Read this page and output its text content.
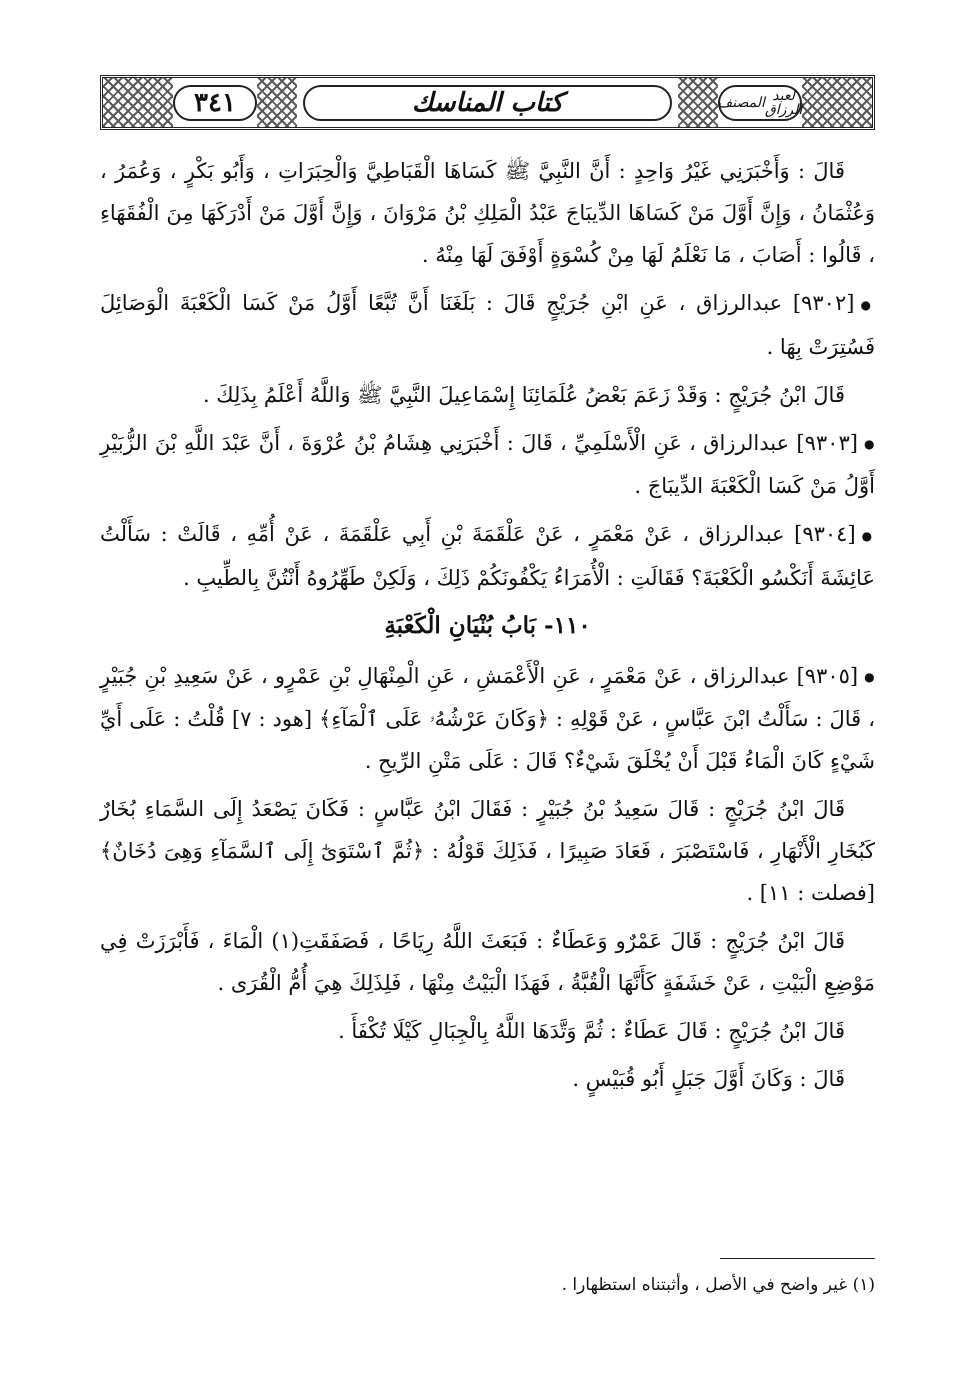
٣٤١	كتاب المناسك	المصنف لعبد الرزاق

قَالَ : وَأَخْبَرَنِي غَيْرُ وَاحِدٍ : أَنَّ النَّبِيَّ ﷺ كَسَاهَا الْقَبَاطِيَّ وَالْحِبَرَاتِ ، وَأَبُو بَكْرٍ ، وَعُمَرُ ، وَعُثْمَانُ ، وَإِنَّ أَوَّلَ مَنْ كَسَاهَا الدِّيبَاجَ عَبْدُ الْمَلِكِ بْنُ مَرْوَانَ ، وَإِنَّ أَوَّلَ مَنْ أَدْرَكَهَا مِنَ الْفُقَهَاءِ ، قَالُوا : أَصَابَ ، مَا نَعْلَمُ لَهَا مِنْ كُسْوَةٍ أَوْفَقَ لَهَا مِنْهُ .

● [٩٣٠٢] عبدالرزاق ، عَنِ ابْنِ جُرَيْجٍ قَالَ : بَلَغَنَا أَنَّ تُبَّعًا أَوَّلُ مَنْ كَسَا الْكَعْبَةَ الْوَصَائِلَ فَسُتِرَتْ بِهَا .

قَالَ ابْنُ جُرَيْجٍ : وَقَدْ زَعَمَ بَعْضُ عُلَمَائِنَا إِسْمَاعِيلَ النَّبِيَّ ﷺ وَاللَّهُ أَعْلَمُ بِذَلِكَ .

● [٩٣٠٣] عبدالرزاق ، عَنِ الْأَسْلَمِيِّ ، قَالَ : أَخْبَرَنِي هِشَامُ بْنُ عُرْوَةَ ، أَنَّ عَبْدَ اللَّهِ بْنَ الزُّبَيْرِ أَوَّلُ مَنْ كَسَا الْكَعْبَةَ الدِّيبَاجَ .

● [٩٣٠٤] عبدالرزاق ، عَنْ مَعْمَرٍ ، عَنْ عَلْقَمَةَ بْنِ أَبِي عَلْقَمَةَ ، عَنْ أُمِّهِ ، قَالَتْ : سَأَلْتُ عَائِشَةَ أَنَكْسُو الْكَعْبَةَ؟ فَقَالَتِ : الْأُمَرَاءُ يَكْفُونَكُمْ ذَلِكَ ، وَلَكِنْ طَهِّرُوهُ أَنْتُنَّ بِالطِّيبِ .

١١٠- بَابُ بُنْيَانِ الْكَعْبَةِ

● [٩٣٠٥] عبدالرزاق ، عَنْ مَعْمَرٍ ، عَنِ الْأَعْمَشِ ، عَنِ الْمِنْهَالِ بْنِ عَمْرٍو ، عَنْ سَعِيدِ بْنِ جُبَيْرٍ ، قَالَ : سَأَلْتُ ابْنَ عَبَّاسٍ ، عَنْ قَوْلِهِ : ﴿وَكَانَ عَرْشُهُۥ عَلَى ٱلْمَآءِ﴾ [هود : ٧] قُلْتُ : عَلَى أَيِّ شَيْءٍ كَانَ الْمَاءُ قَبْلَ أَنْ يُخْلَقَ شَيْءٌ؟ قَالَ : عَلَى مَتْنِ الرِّيحِ .

قَالَ ابْنُ جُرَيْجٍ : قَالَ سَعِيدُ بْنُ جُبَيْرٍ : فَقَالَ ابْنُ عَبَّاسٍ : فَكَانَ يَصْعَدُ إِلَى السَّمَاءِ بُخَارٌ كَبُخَارِ الْأَنْهَارِ ، فَاسْتَصْبَرَ ، فَعَادَ صَبِيرًا ، فَذَلِكَ قَوْلُهُ : ﴿ثُمَّ ٱسْتَوَىٰٓ إِلَى ٱلسَّمَآءِ وَهِىَ دُخَانٌ﴾ [فصلت : ١١] .

قَالَ ابْنُ جُرَيْجٍ : قَالَ عَمْرٌو وَعَطَاءٌ : فَبَعَثَ اللَّهُ رِيَاحًا ، فَصَفَقَتِ(١) الْمَاءَ ، فَأَبْرَزَتْ فِي مَوْضِعِ الْبَيْتِ ، عَنْ خَشَفَةٍ كَأَنَّهَا الْقُبَّةُ ، فَهَذَا الْبَيْتُ مِنْهَا ، فَلِذَلِكَ هِيَ أُمُّ الْقُرَى .

قَالَ ابْنُ جُرَيْجٍ : قَالَ عَطَاءٌ : ثُمَّ وَتَّدَهَا اللَّهُ بِالْجِبَالِ كَيْلَا تُكْفَأَ .

قَالَ : وَكَانَ أَوَّلَ جَبَلٍ أَبُو قُبَيْسٍ .

(١) غير واضح في الأصل ، وأثبتناه استظهارا .
